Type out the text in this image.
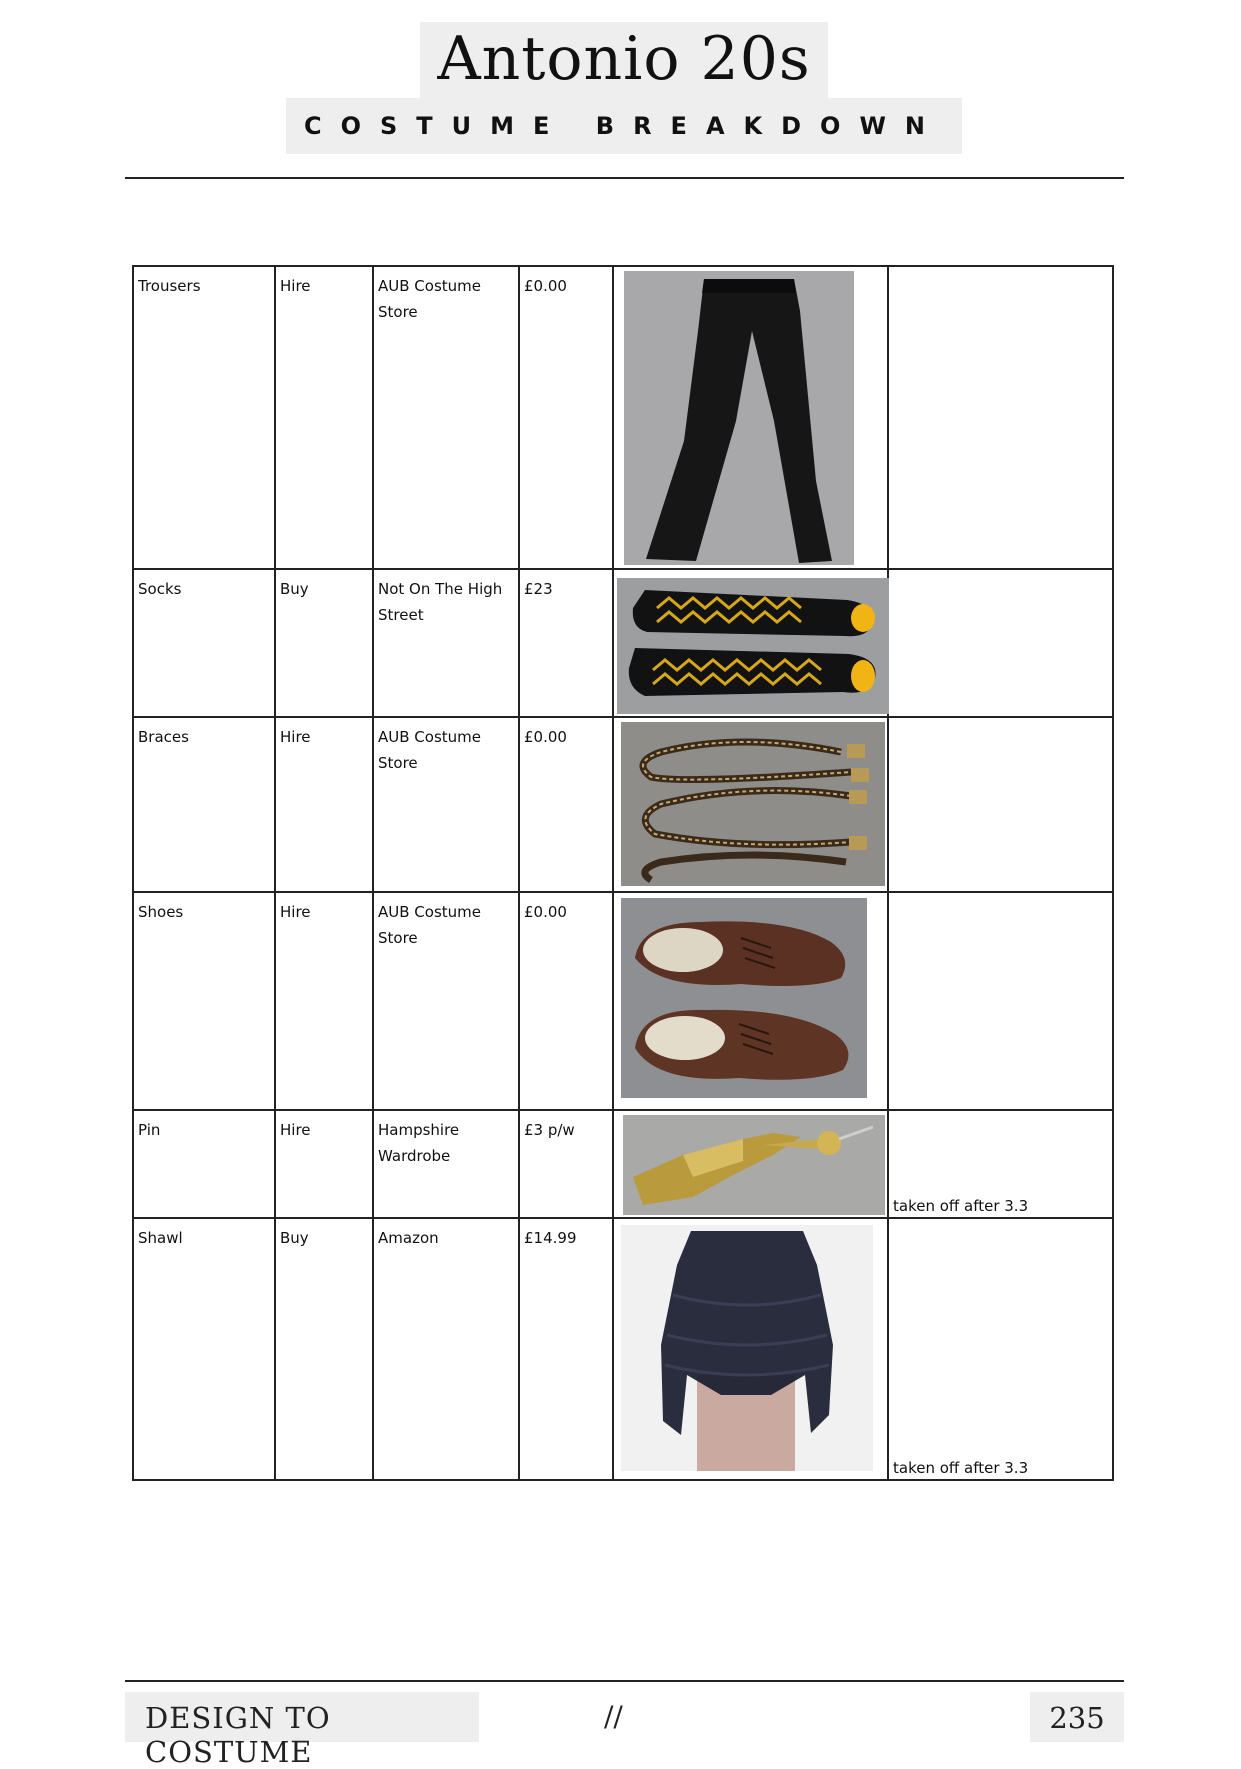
Antonio 20s
COSTUME BREAKDOWN
Trousers	Hire	AUB Costume Store	£0.00	

Socks	Buy	Not On The High Street	£23	

Braces	Hire	AUB Costume Store	£0.00	

Shoes	Hire	AUB Costume Store	£0.00	

Pin	Hire	Hampshire Wardrobe	£3 p/w		taken off after 3.3
Shawl	Buy	Amazon	£14.99		taken off after 3.3
DESIGN TO COSTUME
//	235
